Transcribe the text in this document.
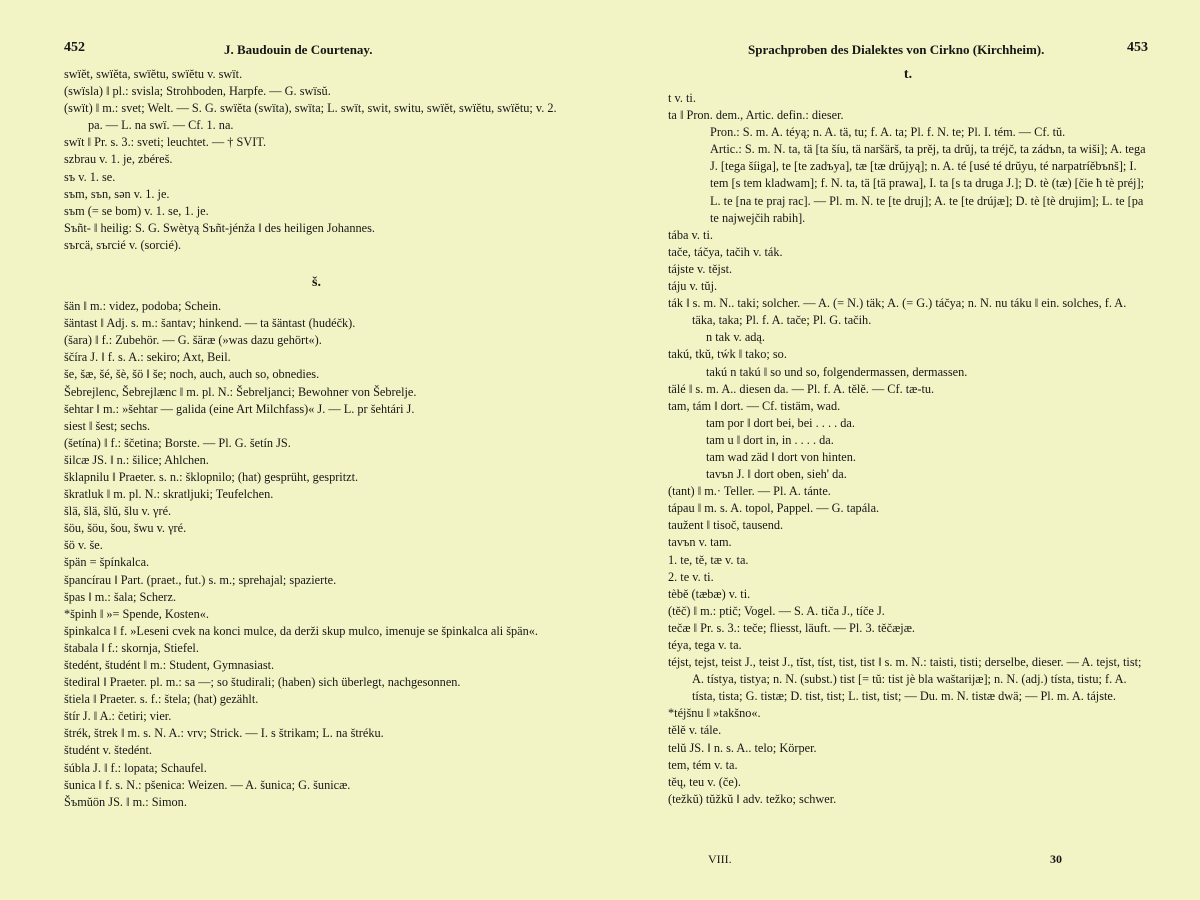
452	J. Baudouin de Courtenay.
swïĕt, swïĕta, swïĕtu, swïĕtu v. swït.
(swïsla) ‖ pl.: svisla; Strohboden, Harpfe. — G. swïsŭ.
(swït) ‖ m.: svet; Welt. — S. G. swïĕta (swïta), swïta; L. swït, swit, switu, swïĕt, swïĕtu, swïĕtu; v. 2. pa. — L. na swï. — Cf. 1. na.
swït ‖ Pr. s. 3.: sveti; leuchtet. — † SVIT.
szbrau v. 1. je, zbéreš.
sъ v. 1. se.
sъm, sъn, sǝn v. 1. je.
sъm (= se bom) v. 1. se, 1. je.
Sъñt- ‖ heilig: S. G. Swètyą Sъñt-jénža ‖ des heiligen Johannes.
sъrcä, sъrcié v. (sorcié).
š.
šän ‖ m.: videz, podoba; Schein.
šäntast ‖ Adj. s. m.: šantav; hinkend. — ta šäntast (hudéčk).
(šara) ‖ f.: Zubehör. — G. šäræ (»was dazu gehört«).
ščíra J. ‖ f. s. A.: sekiro; Axt, Beil.
še, šæ, šé, šè, šö ‖ še; noch, auch, auch so, obnedies.
Šebrejlenc, Šebrejlænc ‖ m. pl. N.: Šebreljanci; Bewohner von Šebrelje.
šehtar ‖ m.: »šehtar — galida (eine Art Milchfass)« J. — L. pr šehtári J.
siest ‖ šest; sechs.
(šetína) ‖ f.: ščetina; Borste. — Pl. G. šetín JS.
šilcæ JS. ‖ n.: šilice; Ahlchen.
šklapnilu ‖ Praeter. s. n.: šklopnilo; (hat) gesprüht, gespritzt.
škratluk ‖ m. pl. N.: skratljuki; Teufelchen.
šlä, šlä, šlŭ, šlu v. γré.
šöu, šöu, šou, šwu v. γré.
šö v. še.
špän = špínkalca.
špancírau ‖ Part. (praet., fut.) s. m.; sprehajal; spazierte.
špas ‖ m.: šala; Scherz.
*špinh ‖ »= Spende, Kosten«.
špinkalca ‖ f. »Leseni cvek na konci mulce, da derži skup mulco, imenuje se špinkalca ali špän«.
štabala ‖ f.: skornja, Stiefel.
štedént, študént ‖ m.: Student, Gymnasiast.
štediral ‖ Praeter. pl. m.: sa —; so študirali; (haben) sich überlegt, nachgesonnen.
štiela ‖ Praeter. s. f.: štela; (hat) gezählt.
štír J. ‖ A.: četiri; vier.
štrék, štrek ‖ m. s. N. A.: vrv; Strick. — I. s štrikam; L. na štréku.
študént v. štedént.
šúbla J. ‖ f.: lopata; Schaufel.
šunica ‖ f. s. N.: pšenica: Weizen. — A. šunica; G. šunicæ.
Šъmŭön JS. ‖ m.: Simon.
Sprachproben des Dialektes von Cirkno (Kirchheim).	453
t.
t v. ti.
ta ‖ Pron. dem., Artic. defin.: dieser.
Pron.: S. m. A. téyą; n. A. tä, tu; f. A. ta; Pl. f. N. te; Pl. I. tém. — Cf. tŭ.
Artic.: S. m. N. ta, tä [ta šíu, tä naršärš, ta prěj, ta drŭj, ta tréjč, ta zádъn, ta wiši]; A. tega J. [tega šíiga], te [te zadъya], tæ [tæ drŭjyą]; n. A. té [usé té drŭyu, té narpatríěbъnš]; I. tem [s tem kladwam]; f. N. ta, tä [tä prawa], I. ta [s ta druga J.]; D. tè (tæ) [čie ћ tè préj]; L. te [na te praj rac]. — Pl. m. N. te [te druj]; A. te [te drújæ]; D. tè [tè drujim]; L. te [pa te najwejčih rabih].
tába v. ti.
tače, táčya, tačih v. ták.
tájste v. tějst.
táju v. tŭj.
ták ‖ s. m. N.. taki; solcher. — A. (= N.) täk; A. (= G.) táčya; n. N. nu táku ‖ ein. solches, f. A. täka, taka; Pl. f. A. tače; Pl. G. tačih.
n tak v. adą.
takú, tkŭ, tẃk ‖ tako; so.
takú n takú ‖ so und so, folgendermassen, dermassen.
tälé ‖ s. m. A.. diesen da. — Pl. f. A. tělě. — Cf. tæ-tu.
tam, tám ‖ dort. — Cf. tistäm, wad.
tam por ‖ dort bei, bei . . . . da.
tam u ‖ dort in, in . . . . da.
tam wad zäd ‖ dort von hinten.
tavъn J. ‖ dort oben, sieh' da.
(tant) ‖ m.· Teller. — Pl. A. tánte.
tápau ‖ m. s. A. topol, Pappel. — G. tapála.
taužent ‖ tisoč, tausend.
tavъn v. tam.
1. te, tě, tæ v. ta.
2. te v. ti.
tèbě (tæbæ) v. ti.
(těč) ‖ m.: ptič; Vogel. — S. A. tiča J., tíče J.
tečæ ‖ Pr. s. 3.: teče; fliesst, läuft. — Pl. 3. těčæjæ.
téya, tega v. ta.
téjst, tejst, teist J., teist J., tĭst, tíst, tist, tist ‖ s. m. N.: taisti, tisti; derselbe, dieser. — A. tejst, tist; A. tístya, tistya; n. N. (subst.) tist [= tŭ: tist jè bla waštarijæ]; n. N. (adj.) tísta, tistu; f. A. tísta, tista; G. tistæ; D. tist, tist; L. tist, tist; — Du. m. N. tistæ dwä; — Pl. m. A. tájste.
*téjšnu ‖ »takšno«.
tělě v. tále.
telŭ JS. ‖ n. s. A.. telo; Körper.
tem, tém v. ta.
těų, teu v. (če).
(težkŭ) tŭžkŭ ‖ adv. težko; schwer.
VIII.	30
